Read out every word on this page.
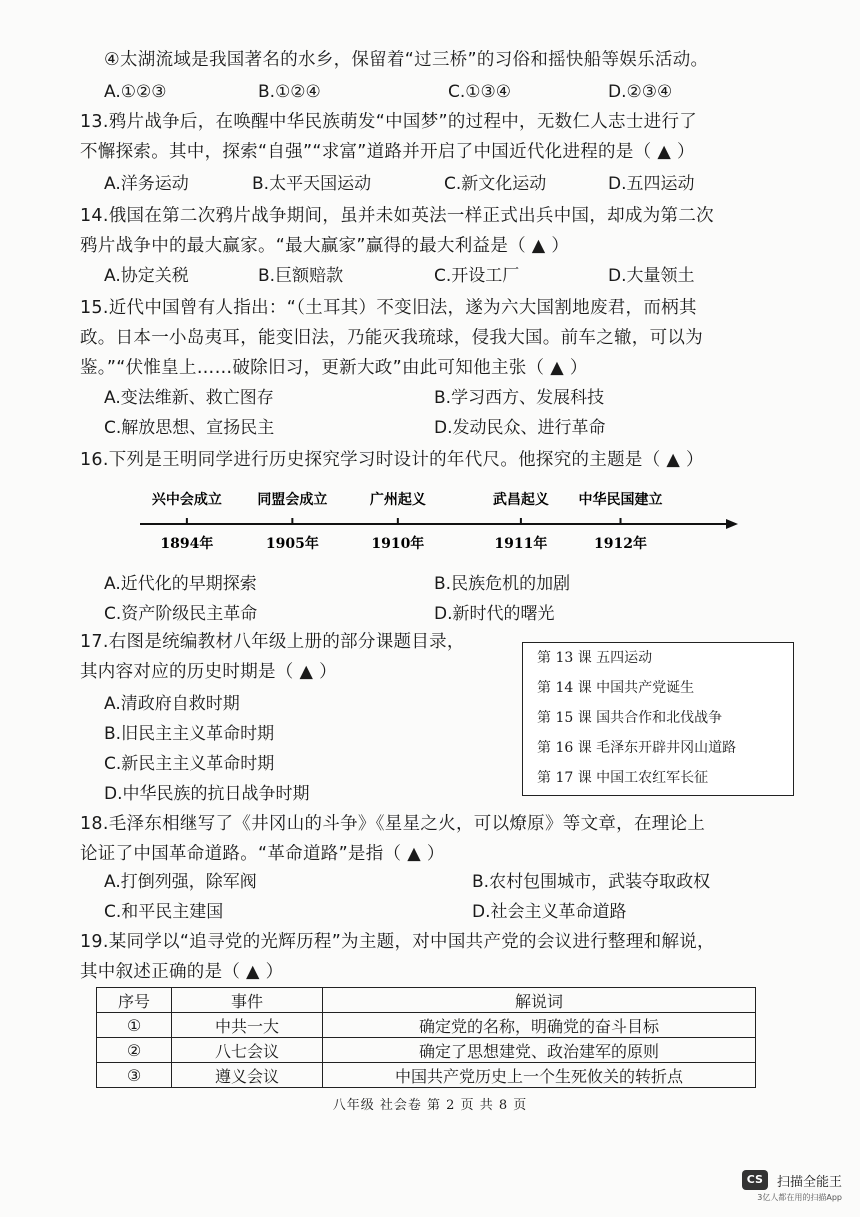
④太湖流域是我国著名的水乡，保留着“过三桥”的习俗和摇快船等娱乐活动。
13.鸦片战争后，在唤醒中华民族萌发“中国梦”的过程中，无数仁人志士进行了
不懈探索。其中，探索“自强”“求富”道路并开启了中国近代化进程的是（ ▲ ）
14.俄国在第二次鸦片战争期间，虽并未如英法一样正式出兵中国，却成为第二次
鸦片战争中的最大赢家。“最大赢家”赢得的最大利益是（ ▲ ）
15.近代中国曾有人指出：“（土耳其）不变旧法，遂为六大国割地废君，而柄其
政。日本一小岛夷耳，能变旧法，乃能灭我琉球，侵我大国。前车之辙，可以为
鉴。”“伏惟皇上……破除旧习，更新大政”由此可知他主张（ ▲ ）
16.下列是王明同学进行历史探究学习时设计的年代尺。他探究的主题是（ ▲ ）
17.右图是统编教材八年级上册的部分课题目录，
其内容对应的历史时期是（ ▲ ）
18.毛泽东相继写了《井冈山的斗争》《星星之火，可以燎原》等文章，在理论上
论证了中国革命道路。“革命道路”是指（ ▲ ）
19.某同学以“追寻党的光辉历程”为主题，对中国共产党的会议进行整理和解说，
其中叙述正确的是（ ▲ ）
A.①②③	B.①②④	C.①③④	D.②③④
A.洋务运动	B.太平天国运动	C.新文化运动	D.五四运动
A.协定关税	B.巨额赔款	C.开设工厂	D.大量领土
A.变法维新、救亡图存	B.学习西方、发展科技
C.解放思想、宣扬民主	D.发动民众、进行革命
A.近代化的早期探索	B.民族危机的加剧
C.资产阶级民主革命	D.新时代的曙光
A.清政府自救时期
B.旧民主主义革命时期
C.新民主主义革命时期
D.中华民族的抗日战争时期
A.打倒列强，除军阀	B.农村包围城市，武装夺取政权
C.和平民主建国	D.社会主义革命道路
兴中会成立
1894年
同盟会成立
1905年
广州起义
1910年
武昌起义
1911年
中华民国建立
1912年
第 13 课 五四运动
第 14 课 中国共产党诞生
第 15 课 国共合作和北伐战争
第 16 课 毛泽东开辟井冈山道路
第 17 课 中国工农红军长征
序号	事件	解说词
①	中共一大	确定党的名称，明确党的奋斗目标
②	八七会议	确定了思想建党、政治建军的原则
③	遵义会议	中国共产党历史上一个生死攸关的转折点
八年级 社会卷 第 2 页 共 8 页
CS 扫描全能王
3亿人都在用的扫描App
